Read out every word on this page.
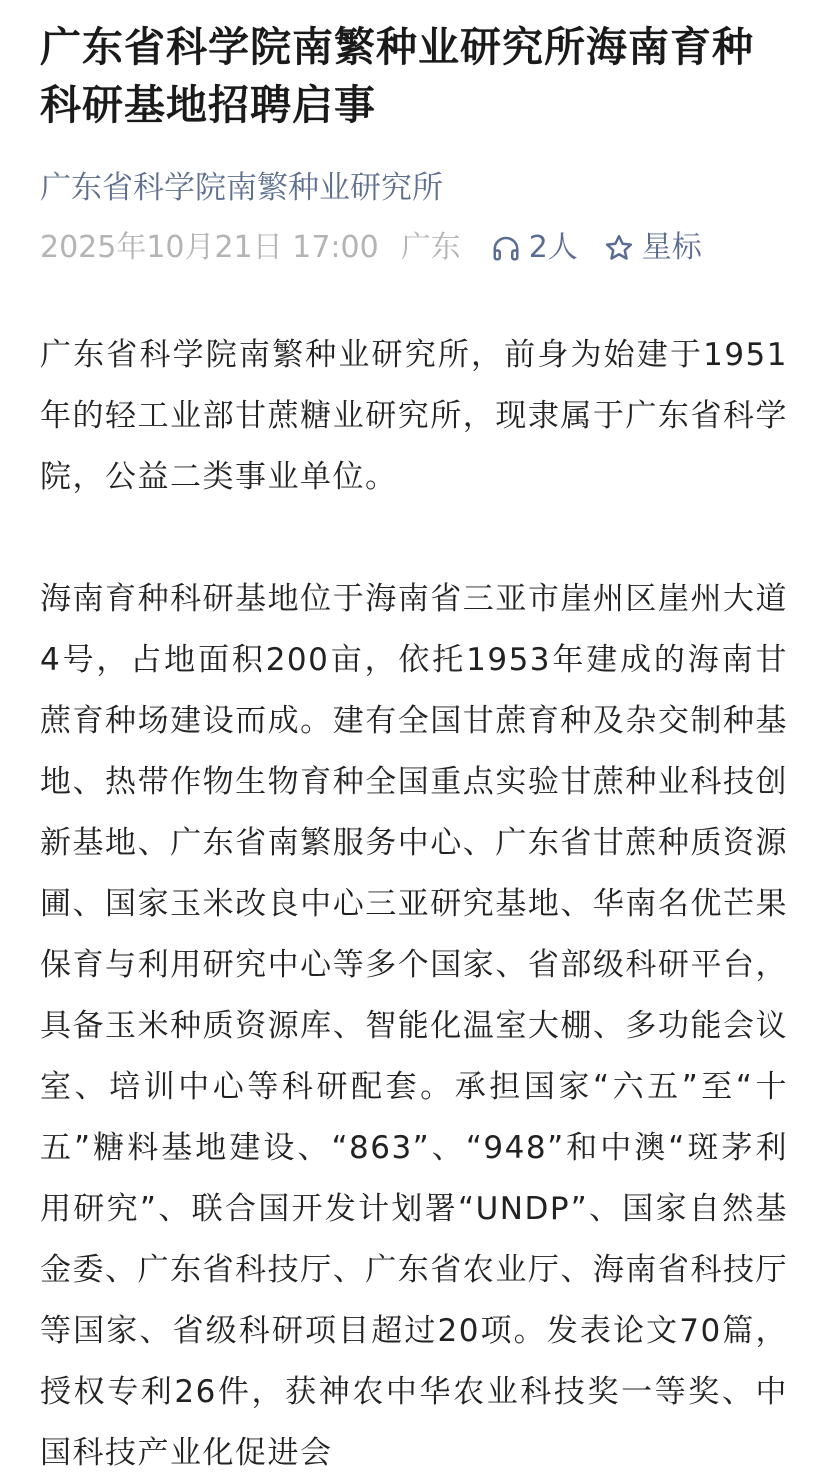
广东省科学院南繁种业研究所海南育种科研基地招聘启事
广东省科学院南繁种业研究所
2025年10月21日 17:00 广东 2人 星标

广东省科学院南繁种业研究所，前身为始建于1951年的轻工业部甘蔗糖业研究所，现隶属于广东省科学院，公益二类事业单位。

海南育种科研基地位于海南省三亚市崖州区崖州大道4号，占地面积200亩，依托1953年建成的海南甘蔗育种场建设而成。建有全国甘蔗育种及杂交制种基地、热带作物生物育种全国重点实验甘蔗种业科技创新基地、广东省南繁服务中心、广东省甘蔗种质资源圃、国家玉米改良中心三亚研究基地、华南名优芒果保育与利用研究中心等多个国家、省部级科研平台，具备玉米种质资源库、智能化温室大棚、多功能会议室、培训中心等科研配套。承担国家“六五”至“十五”糖料基地建设、“863”、“948”和中澳“斑茅利用研究”、联合国开发计划署“UNDP”、国家自然基金委、广东省科技厅、广东省农业厅、海南省科技厅等国家、省级科研项目超过20项。发表论文70篇，授权专利26件，获神农中华农业科技奖一等奖、中国科技产业化促进会
